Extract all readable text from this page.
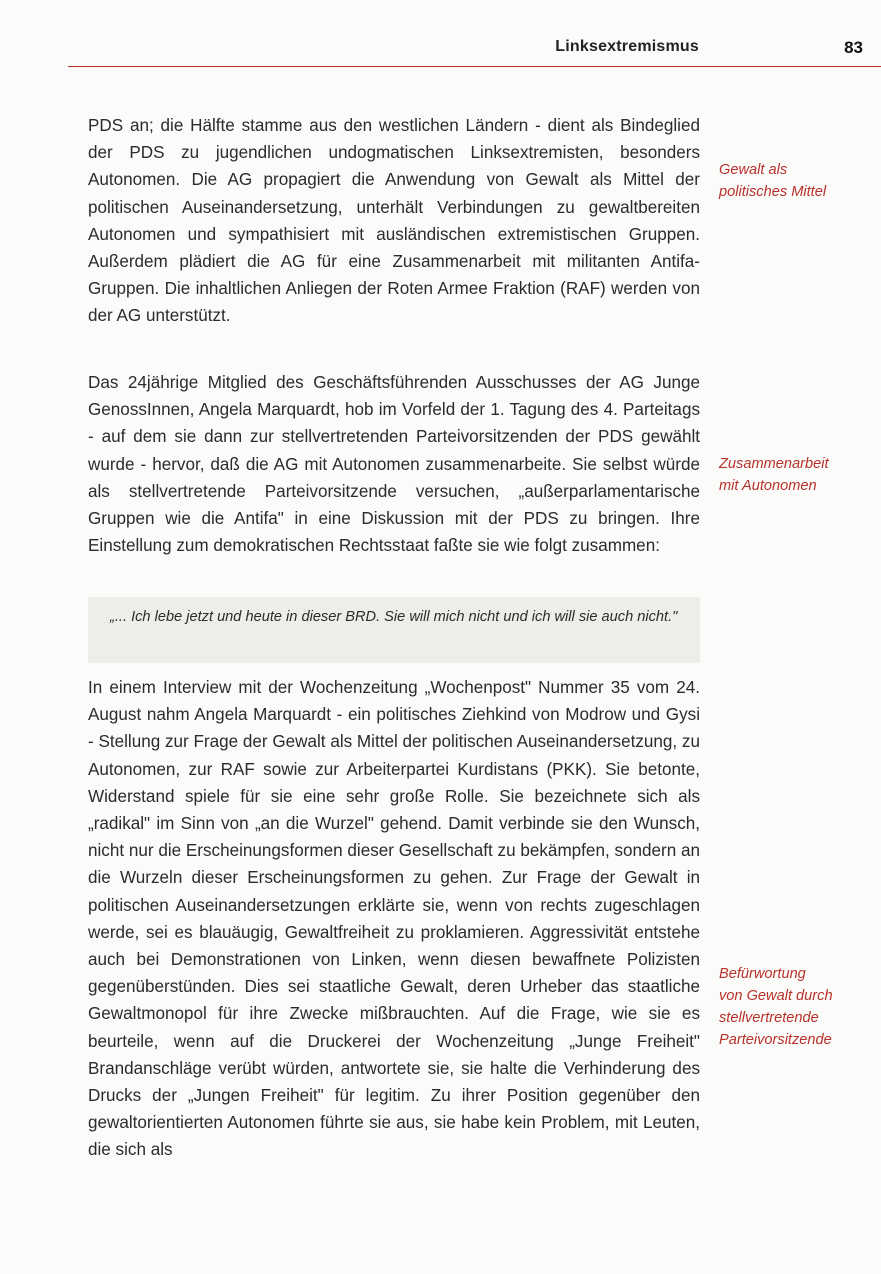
Linksextremismus	83

PDS an; die Hälfte stamme aus den westlichen Ländern - dient als Bindeglied der PDS zu jugendlichen undogmatischen Linksextremisten, besonders Autonomen. Die AG propagiert die Anwendung von Gewalt als Mittel der politischen Auseinandersetzung, unterhält Verbindungen zu gewaltbereiten Autonomen und sympathisiert mit ausländischen extremistischen Gruppen. Außerdem plädiert die AG für eine Zusammenarbeit mit militanten Antifa-Gruppen. Die inhaltlichen Anliegen der Roten Armee Fraktion (RAF) werden von der AG unterstützt.

Das 24jährige Mitglied des Geschäftsführenden Ausschusses der AG Junge GenossInnen, Angela Marquardt, hob im Vorfeld der 1. Tagung des 4. Parteitags - auf dem sie dann zur stellvertretenden Parteivorsitzenden der PDS gewählt wurde - hervor, daß die AG mit Autonomen zusammenarbeite. Sie selbst würde als stellvertretende Parteivorsitzende versuchen, „außerparlamentarische Gruppen wie die Antifa" in eine Diskussion mit der PDS zu bringen. Ihre Einstellung zum demokratischen Rechtsstaat faßte sie wie folgt zusammen:

„... Ich lebe jetzt und heute in dieser BRD. Sie will mich nicht und ich will sie auch nicht."

In einem Interview mit der Wochenzeitung „Wochenpost" Nummer 35 vom 24. August nahm Angela Marquardt - ein politisches Ziehkind von Modrow und Gysi - Stellung zur Frage der Gewalt als Mittel der politischen Auseinandersetzung, zu Autonomen, zur RAF sowie zur Arbeiterpartei Kurdistans (PKK). Sie betonte, Widerstand spiele für sie eine sehr große Rolle. Sie bezeichnete sich als „radikal" im Sinn von „an die Wurzel" gehend. Damit verbinde sie den Wunsch, nicht nur die Erscheinungsformen dieser Gesellschaft zu bekämpfen, sondern an die Wurzeln dieser Erscheinungsformen zu gehen. Zur Frage der Gewalt in politischen Auseinandersetzungen erklärte sie, wenn von rechts zugeschlagen werde, sei es blauäugig, Gewaltfreiheit zu proklamieren. Aggressivität entstehe auch bei Demonstrationen von Linken, wenn diesen bewaffnete Polizisten gegenüberstünden. Dies sei staatliche Gewalt, deren Urheber das staatliche Gewaltmonopol für ihre Zwecke mißbrauchten. Auf die Frage, wie sie es beurteile, wenn auf die Druckerei der Wochenzeitung „Junge Freiheit" Brandanschläge verübt würden, antwortete sie, sie halte die Verhinderung des Drucks der „Jungen Freiheit" für legitim. Zu ihrer Position gegenüber den gewaltorientierten Autonomen führte sie aus, sie habe kein Problem, mit Leuten, die sich als

Gewalt als
politisches Mittel
Zusammenarbeit
mit Autonomen
Befürwortung
von Gewalt durch
stellvertretende
Parteivorsitzende
